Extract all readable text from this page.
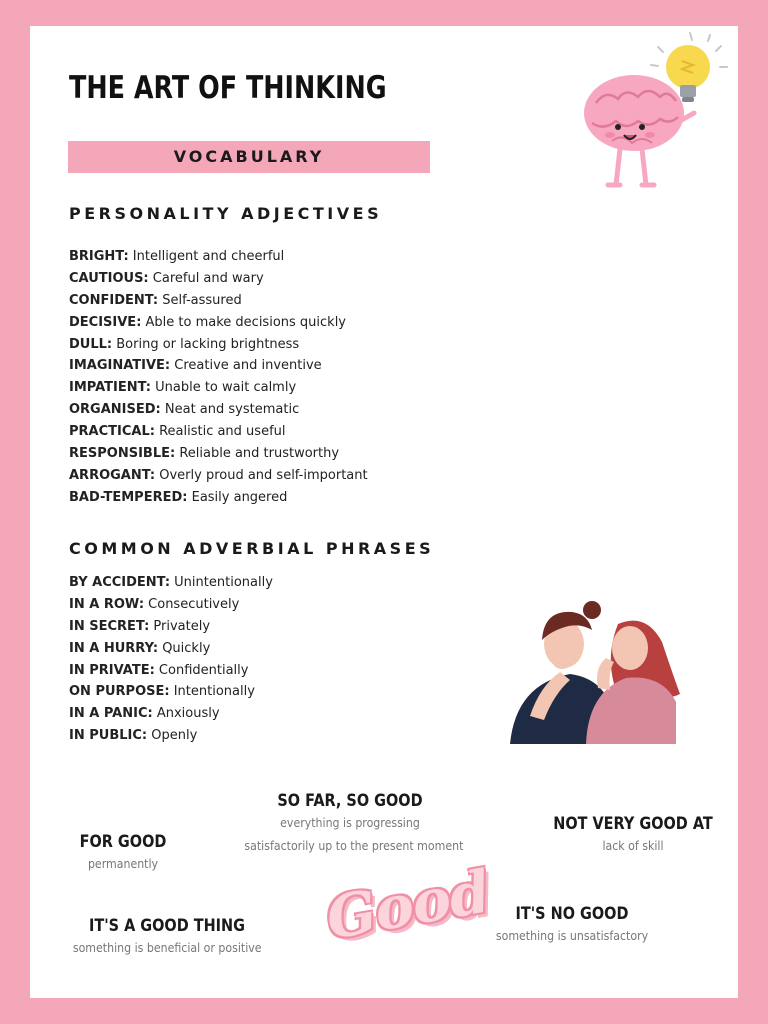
THE ART OF THINKING
VOCABULARY
PERSONALITY ADJECTIVES
BRIGHT: Intelligent and cheerful
CAUTIOUS: Careful and wary
CONFIDENT: Self-assured
DECISIVE: Able to make decisions quickly
DULL: Boring or lacking brightness
IMAGINATIVE: Creative and inventive
IMPATIENT: Unable to wait calmly
ORGANISED: Neat and systematic
PRACTICAL: Realistic and useful
RESPONSIBLE: Reliable and trustworthy
ARROGANT: Overly proud and self-important
BAD-TEMPERED: Easily angered
COMMON ADVERBIAL PHRASES
BY ACCIDENT: Unintentionally
IN A ROW: Consecutively
IN SECRET: Privately
IN A HURRY: Quickly
IN PRIVATE: Confidentially
ON PURPOSE: Intentionally
IN A PANIC: Anxiously
IN PUBLIC: Openly
SO FAR, SO GOOD
everything is progressing
satisfactorily up to the present moment
FOR GOOD
permanently
NOT VERY GOOD AT
lack of skill
IT'S A GOOD THING
something is beneficial or positive
IT'S NO GOOD
something is unsatisfactory
Good
